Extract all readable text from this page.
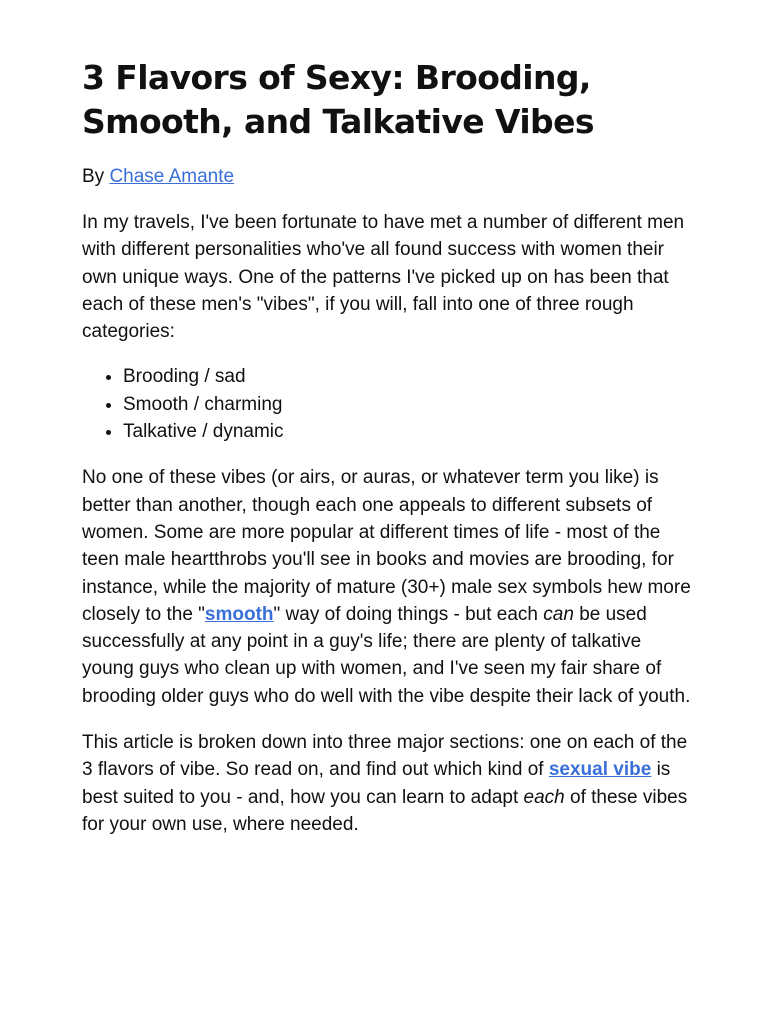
3 Flavors of Sexy: Brooding, Smooth, and Talkative Vibes
By Chase Amante

In my travels, I've been fortunate to have met a number of different men with different personalities who've all found success with women their own unique ways. One of the patterns I've picked up on has been that each of these men's "vibes", if you will, fall into one of three rough categories:

• Brooding / sad
• Smooth / charming
• Talkative / dynamic

No one of these vibes (or airs, or auras, or whatever term you like) is better than another, though each one appeals to different subsets of women. Some are more popular at different times of life - most of the teen male heartthrobs you'll see in books and movies are brooding, for instance, while the majority of mature (30+) male sex symbols hew more closely to the "smooth" way of doing things - but each can be used successfully at any point in a guy's life; there are plenty of talkative young guys who clean up with women, and I've seen my fair share of brooding older guys who do well with the vibe despite their lack of youth.

This article is broken down into three major sections: one on each of the 3 flavors of vibe. So read on, and find out which kind of sexual vibe is best suited to you - and, how you can learn to adapt each of these vibes for your own use, where needed.
